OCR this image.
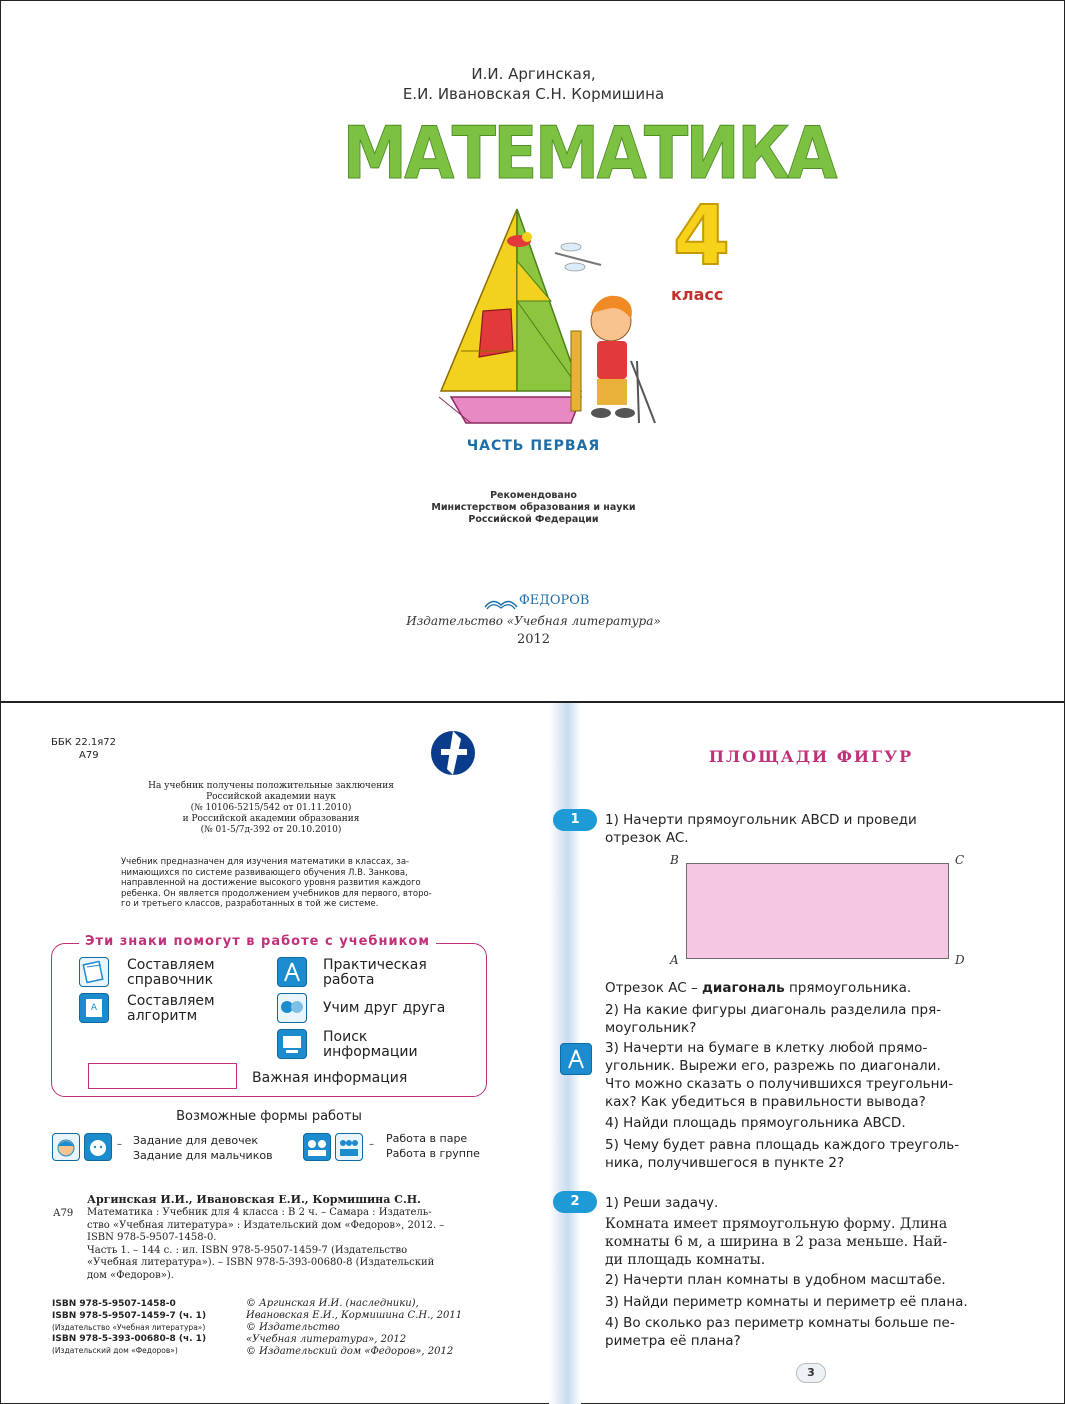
И.И. Аргинская,
Е.И. Ивановская С.Н. Кормишина
МАТЕМАТИКА
4
класс
ЧАСТЬ ПЕРВАЯ
Рекомендовано
Министерством образования и науки
Российской Федерации
ФЕДОРОВ
Издательство «Учебная литература»
2012
ББК 22.1я72
А79
На учебник получены положительные заключения
Российской академии наук
(№ 10106-5215/542 от 01.11.2010)
и Российской академии образования
(№ 01-5/7д-392 от 20.10.2010)
Учебник предназначен для изучения математики в классах, за-
нимающихся по системе развивающего обучения Л.В. Занкова,
направленной на достижение высокого уровня развития каждого
ребенка. Он является продолжением учебников для первого, второ-
го и третьего классов, разработанных в той же системе.
Эти знаки помогут в работе с учебником
Составляем
справочник
A Составляем
алгоритм
Практическая
работа
Учим друг друга
Поиск
информации
Важная информация
Возможные формы работы
– Задание для девочек
Задание для мальчиков
– Работа в паре
Работа в группе
А79
Аргинская И.И., Ивановская Е.И., Кормишина С.Н.
Математика : Учебник для 4 класса : В 2 ч. – Самара : Издатель-
ство «Учебная литература» : Издательский дом «Федоров», 2012. –
ISBN 978-5-9507-1458-0.
Часть 1. – 144 с. : ил. ISBN 978-5-9507-1459-7 (Издательство
«Учебная литература»). – ISBN 978-5-393-00680-8 (Издательский
дом «Федоров»).
ISBN 978-5-9507-1458-0
ISBN 978-5-9507-1459-7 (ч. 1)
(Издательство «Учебная литература»)
ISBN 978-5-393-00680-8 (ч. 1)
(Издательский дом «Федоров»)
© Аргинская И.И. (наследники),
Ивановская Е.И., Кормишина С.Н., 2011
© Издательство
«Учебная литература», 2012
© Издательский дом «Федоров», 2012
ПЛОЩАДИ ФИГУР
1	1) Начерти прямоугольник ABCD и проведи
отрезок AC.
B	C
A	D
Отрезок AC – диагональ прямоугольника.
2) На какие фигуры диагональ разделила пря-
моугольник?
3) Начерти на бумаге в клетку любой прямо-
угольник. Вырежи его, разрежь по диагонали.
Что можно сказать о получившихся треугольни-
ках? Как убедиться в правильности вывода?
4) Найди площадь прямоугольника ABCD.
5) Чему будет равна площадь каждого треуголь-
ника, получившегося в пункте 2?
2	1) Реши задачу.
Комната имеет прямоугольную форму. Длина
комнаты 6 м, а ширина в 2 раза меньше. Най-
ди площадь комнаты.
2) Начерти план комнаты в удобном масштабе.
3) Найди периметр комнаты и периметр её плана.
4) Во сколько раз периметр комнаты больше пе-
риметра её плана?
3
